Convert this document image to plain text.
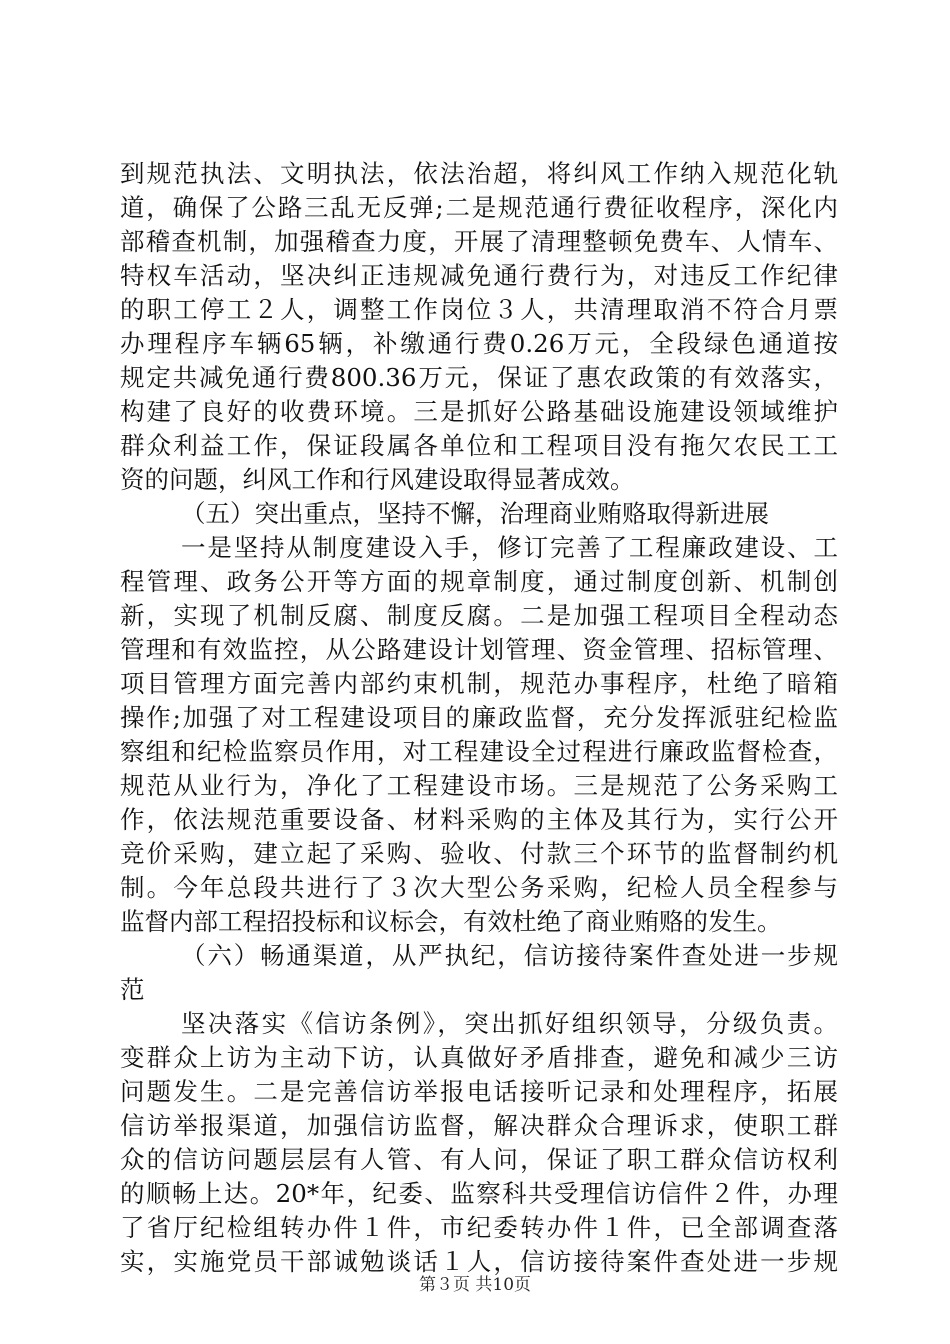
到规范执法、文明执法，依法治超，将纠风工作纳入规范化轨
道，确保了公路三乱无反弹;二是规范通行费征收程序，深化内
部稽查机制，加强稽查力度，开展了清理整顿免费车、人情车、
特权车活动，坚决纠正违规减免通行费行为，对违反工作纪律
的职工停工２人，调整工作岗位３人，共清理取消不符合月票
办理程序车辆65辆，补缴通行费0.26万元，全段绿色通道按
规定共减免通行费800.36万元，保证了惠农政策的有效落实，
构建了良好的收费环境。三是抓好公路基础设施建设领域维护
群众利益工作，保证段属各单位和工程项目没有拖欠农民工工
资的问题，纠风工作和行风建设取得显著成效。
（五）突出重点，坚持不懈，治理商业贿赂取得新进展
一是坚持从制度建设入手，修订完善了工程廉政建设、工
程管理、政务公开等方面的规章制度，通过制度创新、机制创
新，实现了机制反腐、制度反腐。二是加强工程项目全程动态
管理和有效监控，从公路建设计划管理、资金管理、招标管理、
项目管理方面完善内部约束机制，规范办事程序，杜绝了暗箱
操作;加强了对工程建设项目的廉政监督，充分发挥派驻纪检监
察组和纪检监察员作用，对工程建设全过程进行廉政监督检查，
规范从业行为，净化了工程建设市场。三是规范了公务采购工
作，依法规范重要设备、材料采购的主体及其行为，实行公开
竞价采购，建立起了采购、验收、付款三个环节的监督制约机
制。今年总段共进行了３次大型公务采购，纪检人员全程参与
监督内部工程招投标和议标会，有效杜绝了商业贿赂的发生。
（六）畅通渠道，从严执纪，信访接待案件查处进一步规
范
坚决落实《信访条例》，突出抓好组织领导，分级负责。
变群众上访为主动下访，认真做好矛盾排查，避免和减少三访
问题发生。二是完善信访举报电话接听记录和处理程序，拓展
信访举报渠道，加强信访监督，解决群众合理诉求，使职工群
众的信访问题层层有人管、有人问，保证了职工群众信访权利
的顺畅上达。20*年，纪委、监察科共受理信访信件２件，办理
了省厅纪检组转办件１件，市纪委转办件１件，已全部调查落
实，实施党员干部诚勉谈话１人，信访接待案件查处进一步规
第３页 共10页
